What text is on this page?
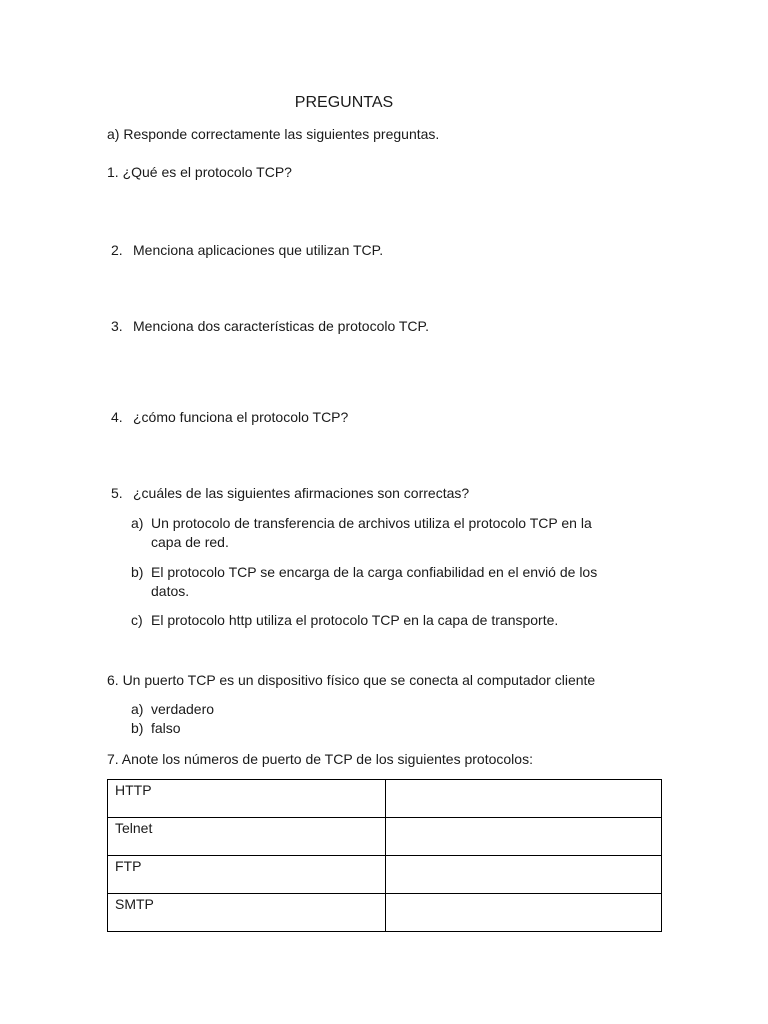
PREGUNTAS
a) Responde correctamente las siguientes preguntas.
1. ¿Qué es el protocolo TCP?
2. Menciona aplicaciones que utilizan TCP.
3. Menciona dos características de protocolo TCP.
4. ¿cómo funciona el protocolo TCP?
5. ¿cuáles de las siguientes afirmaciones son correctas?
a) Un protocolo de transferencia de archivos utiliza el protocolo TCP en la
capa de red.
b) El protocolo TCP se encarga de la carga confiabilidad en el envió de los
datos.
c) El protocolo http utiliza el protocolo TCP en la capa de transporte.
6. Un puerto TCP es un dispositivo físico que se conecta al computador cliente
a) verdadero
b) falso
7. Anote los números de puerto de TCP de los siguientes protocolos:
HTTP	
Telnet	
FTP	
SMTP	
